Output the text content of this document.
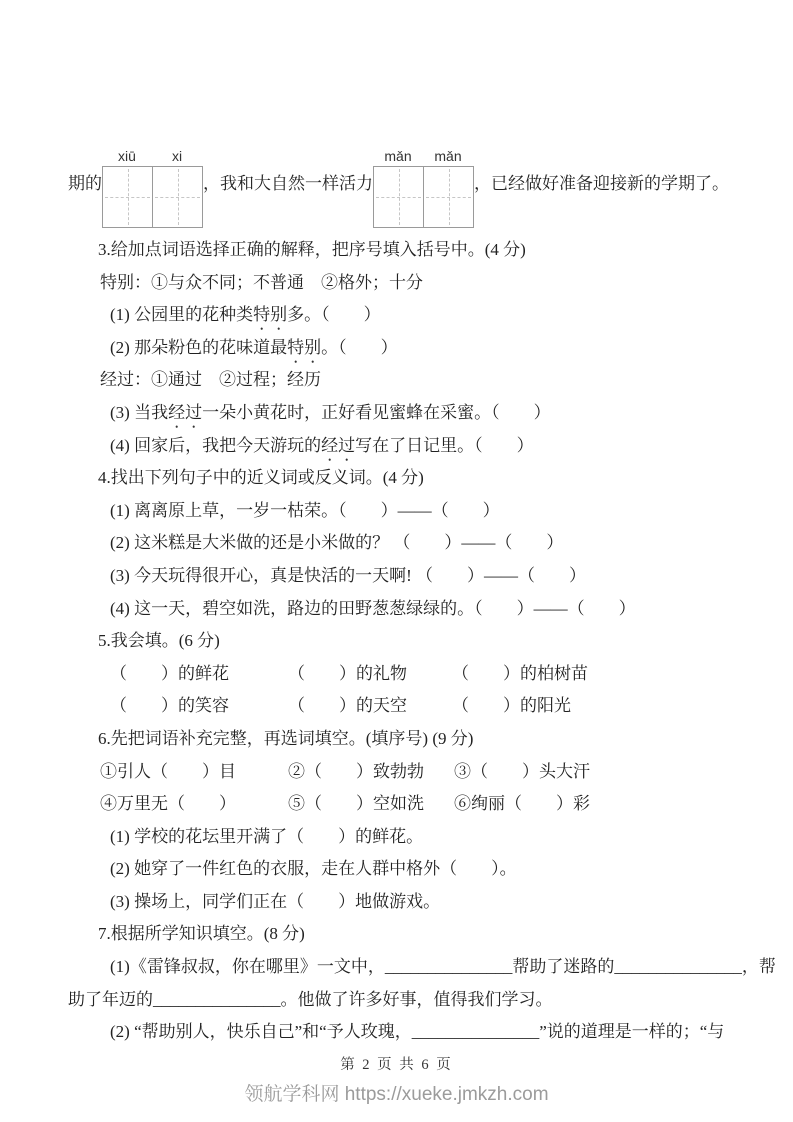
期的
xiū	xi
，我和大自然一样活力
mǎn	mǎn
，已经做好准备迎接新的学期了。
3.给加点词语选择正确的解释，把序号填入括号中。(4 分)
特别：①与众不同；不普通　②格外；十分
(1) 公园里的花种类特别多。（　　）
(2) 那朵粉色的花味道最特别。（　　）
经过：①通过　②过程；经历
(3) 当我经过一朵小黄花时，正好看见蜜蜂在采蜜。（　　）
(4) 回家后，我把今天游玩的经过写在了日记里。（　　）
4.找出下列句子中的近义词或反义词。(4 分)
(1) 离离原上草，一岁一枯荣。（　　）——（　　）
(2) 这米糕是大米做的还是小米做的？ （　　）——（　　）
(3) 今天玩得很开心，真是快活的一天啊! （　　）——（　　）
(4) 这一天，碧空如洗，路边的田野葱葱绿绿的。（　　）——（　　）
5.我会填。(6 分)
（　　）的鲜花	（　　）的礼物	（　　）的柏树苗
（　　）的笑容	（　　）的天空	（　　）的阳光
6.先把词语补充完整，再选词填空。(填序号) (9 分)
①引人（　　）目	②（　　）致勃勃 ③（　　）头大汗
④万里无（　　）	⑤（　　）空如洗 ⑥绚丽（　　）彩
(1) 学校的花坛里开满了（　　）的鲜花。
(2) 她穿了一件红色的衣服，走在人群中格外（　　）。
(3) 操场上，同学们正在（　　）地做游戏。
7.根据所学知识填空。(8 分)
(1)《雷锋叔叔，你在哪里》一文中，_______________帮助了迷路的_______________，帮
助了年迈的_______________。他做了许多好事，值得我们学习。
(2) “帮助别人，快乐自己”和“予人玫瑰，_______________”说的道理是一样的；“与
第 2 页 共 6 页
领航学科网 https://xueke.jmkzh.com
